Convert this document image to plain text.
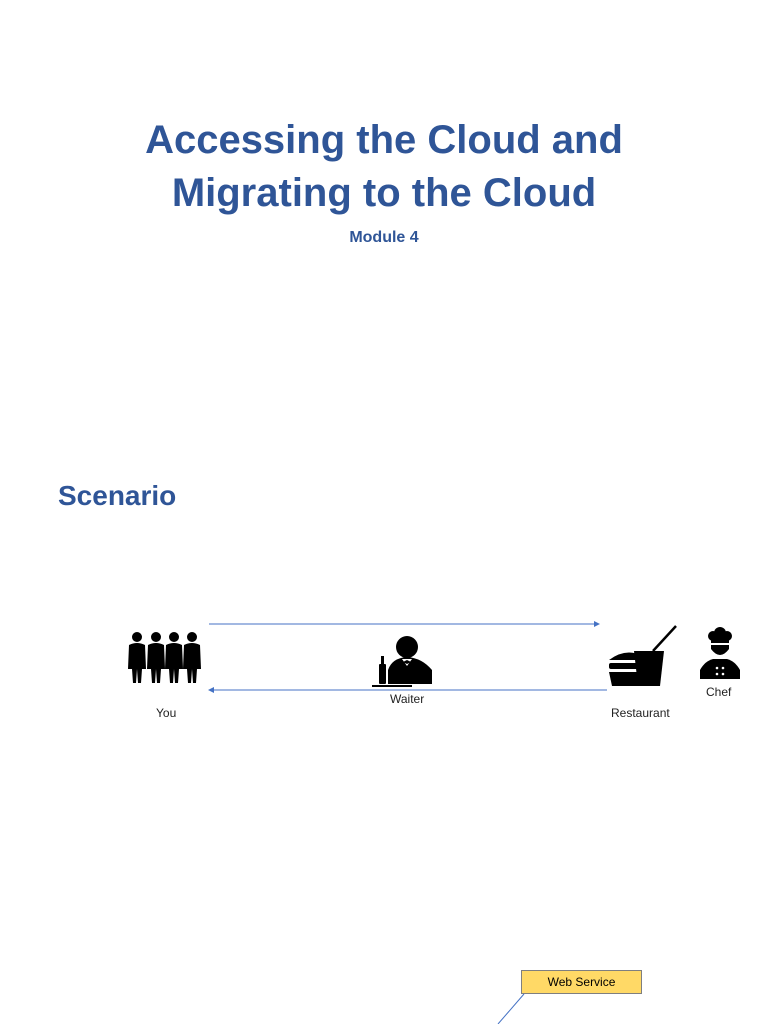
Accessing the Cloud and
Migrating to the Cloud
Module 4
Scenario
You
Waiter
Restaurant
Chef
Web Service
